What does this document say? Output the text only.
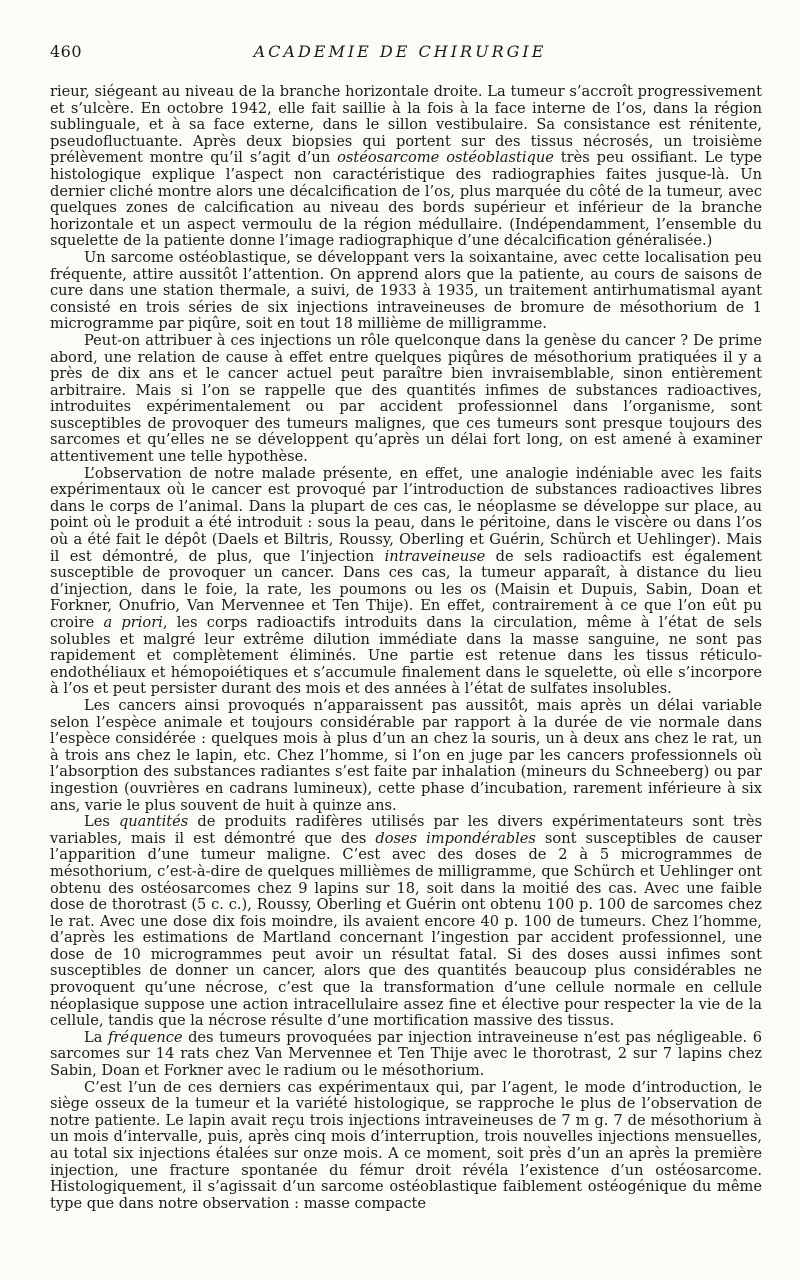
460	ACADEMIE DE CHIRURGIE

rieur, siégeant au niveau de la branche horizontale droite. La tumeur s’accroît progressivement et s’ulcère. En octobre 1942, elle fait saillie à la fois à la face interne de l’os, dans la région sublinguale, et à sa face externe, dans le sillon vestibulaire. Sa consistance est rénitente, pseudofluctuante. Après deux biopsies qui portent sur des tissus nécrosés, un troisième prélèvement montre qu’il s’agit d’un ostéosarcome ostéoblastique très peu ossifiant. Le type histologique explique l’aspect non caractéristique des radiographies faites jusque-là. Un dernier cliché montre alors une décalcification de l’os, plus marquée du côté de la tumeur, avec quelques zones de calcification au niveau des bords supérieur et inférieur de la branche horizontale et un aspect vermoulu de la région médullaire. (Indépendamment, l’ensemble du squelette de la patiente donne l’image radiographique d’une décalcification généralisée.)

Un sarcome ostéoblastique, se développant vers la soixantaine, avec cette localisation peu fréquente, attire aussitôt l’attention. On apprend alors que la patiente, au cours de saisons de cure dans une station thermale, a suivi, de 1933 à 1935, un traitement antirhumatismal ayant consisté en trois séries de six injections intraveineuses de bromure de mésothorium de 1 microgramme par piqûre, soit en tout 18 millième de milligramme.

Peut-on attribuer à ces injections un rôle quelconque dans la genèse du cancer ? De prime abord, une relation de cause à effet entre quelques piqûres de mésothorium pratiquées il y a près de dix ans et le cancer actuel peut paraître bien invraisemblable, sinon entièrement arbitraire. Mais si l’on se rappelle que des quantités infimes de substances radioactives, introduites expérimentalement ou par accident professionnel dans l’organisme, sont susceptibles de provoquer des tumeurs malignes, que ces tumeurs sont presque toujours des sarcomes et qu’elles ne se développent qu’après un délai fort long, on est amené à examiner attentivement une telle hypothèse.

L’observation de notre malade présente, en effet, une analogie indéniable avec les faits expérimentaux où le cancer est provoqué par l’introduction de substances radioactives libres dans le corps de l’animal. Dans la plupart de ces cas, le néoplasme se développe sur place, au point où le produit a été introduit : sous la peau, dans le péritoine, dans le viscère ou dans l’os où a été fait le dépôt (Daels et Biltris, Roussy, Oberling et Guérin, Schürch et Uehlinger). Mais il est démontré, de plus, que l’injection intraveineuse de sels radioactifs est également susceptible de provoquer un cancer. Dans ces cas, la tumeur apparaît, à distance du lieu d’injection, dans le foie, la rate, les poumons ou les os (Maisin et Dupuis, Sabin, Doan et Forkner, Onufrio, Van Mervennee et Ten Thije). En effet, contrairement à ce que l’on eût pu croire a priori, les corps radioactifs introduits dans la circulation, même à l’état de sels solubles et malgré leur extrême dilution immédiate dans la masse sanguine, ne sont pas rapidement et complètement éliminés. Une partie est retenue dans les tissus réticulo-endothéliaux et hémopoiétiques et s’accumule finalement dans le squelette, où elle s’incorpore à l’os et peut persister durant des mois et des années à l’état de sulfates insolubles.

Les cancers ainsi provoqués n’apparaissent pas aussitôt, mais après un délai variable selon l’espèce animale et toujours considérable par rapport à la durée de vie normale dans l’espèce considérée : quelques mois à plus d’un an chez la souris, un à deux ans chez le rat, un à trois ans chez le lapin, etc. Chez l’homme, si l’on en juge par les cancers professionnels où l’absorption des substances radiantes s’est faite par inhalation (mineurs du Schneeberg) ou par ingestion (ouvrières en cadrans lumineux), cette phase d’incubation, rarement inférieure à six ans, varie le plus souvent de huit à quinze ans.

Les quantités de produits radifères utilisés par les divers expérimentateurs sont très variables, mais il est démontré que des doses impondérables sont susceptibles de causer l’apparition d’une tumeur maligne. C’est avec des doses de 2 à 5 microgrammes de mésothorium, c’est-à-dire de quelques millièmes de milligramme, que Schürch et Uehlinger ont obtenu des ostéosarcomes chez 9 lapins sur 18, soit dans la moitié des cas. Avec une faible dose de thorotrast (5 c. c.), Roussy, Oberling et Guérin ont obtenu 100 p. 100 de sarcomes chez le rat. Avec une dose dix fois moindre, ils avaient encore 40 p. 100 de tumeurs. Chez l’homme, d’après les estimations de Martland concernant l’ingestion par accident professionnel, une dose de 10 microgrammes peut avoir un résultat fatal. Si des doses aussi infimes sont susceptibles de donner un cancer, alors que des quantités beaucoup plus considérables ne provoquent qu’une nécrose, c’est que la transformation d’une cellule normale en cellule néoplasique suppose une action intracellulaire assez fine et élective pour respecter la vie de la cellule, tandis que la nécrose résulte d’une mortification massive des tissus.

La fréquence des tumeurs provoquées par injection intraveineuse n’est pas négligeable. 6 sarcomes sur 14 rats chez Van Mervennee et Ten Thije avec le thorotrast, 2 sur 7 lapins chez Sabin, Doan et Forkner avec le radium ou le mésothorium.

C’est l’un de ces derniers cas expérimentaux qui, par l’agent, le mode d’introduction, le siège osseux de la tumeur et la variété histologique, se rapproche le plus de l’observation de notre patiente. Le lapin avait reçu trois injections intraveineuses de 7 m g. 7 de mésothorium à un mois d’intervalle, puis, après cinq mois d’interruption, trois nouvelles injections mensuelles, au total six injections étalées sur onze mois. A ce moment, soit près d’un an après la première injection, une fracture spontanée du fémur droit révéla l’existence d’un ostéosarcome. Histologiquement, il s’agissait d’un sarcome ostéoblastique faiblement ostéogénique du même type que dans notre observation : masse compacte
